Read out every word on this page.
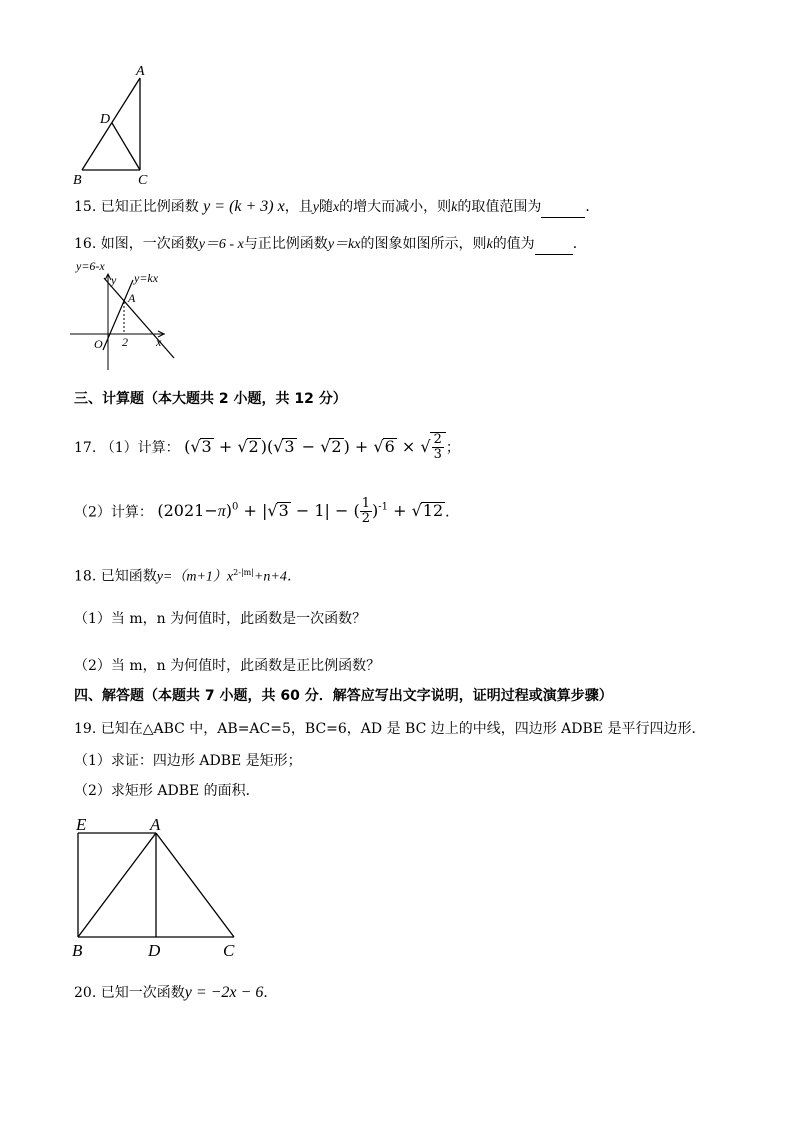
A
D
B	C
15. 已知正比例函数 y = (k + 3) x，且y随x的增大而减小，则k的取值范围为	．
16. 如图，一次函数y＝6 - x与正比例函数y＝kx的图象如图所示，则k的值为	．
y=6-x
y=kx
y
A
O 2 x
三、计算题（本大题共 2 小题，共 12 分）
17. （1）计算： (√3 + √2 )(√3 − √2 ) + √6 × √ $\frac{2}{3}$ ；
（2）计算： $(2021-\pi)^0 + |√3 - 1|$ − ( $\frac{1}{2} )^{-1} + √12$ ．
18. 已知函数$y=(m+1)x^{2-|m|}+n+4$．
（1）当 m，n 为何值时，此函数是一次函数？
（2）当 m，n 为何值时，此函数是正比例函数？
四、解答题（本题共 7 小题，共 60 分．解答应写出文字说明，证明过程或演算步骤）
19. 已知在△ABC 中，AB=AC=5，BC=6，AD 是 BC 边上的中线，四边形 ADBE 是平行四边形．
（1）求证：四边形 ADBE 是矩形；
（2）求矩形 ADBE 的面积．
E	A
B	D	C
20. 已知一次函数y = −2x − 6．
